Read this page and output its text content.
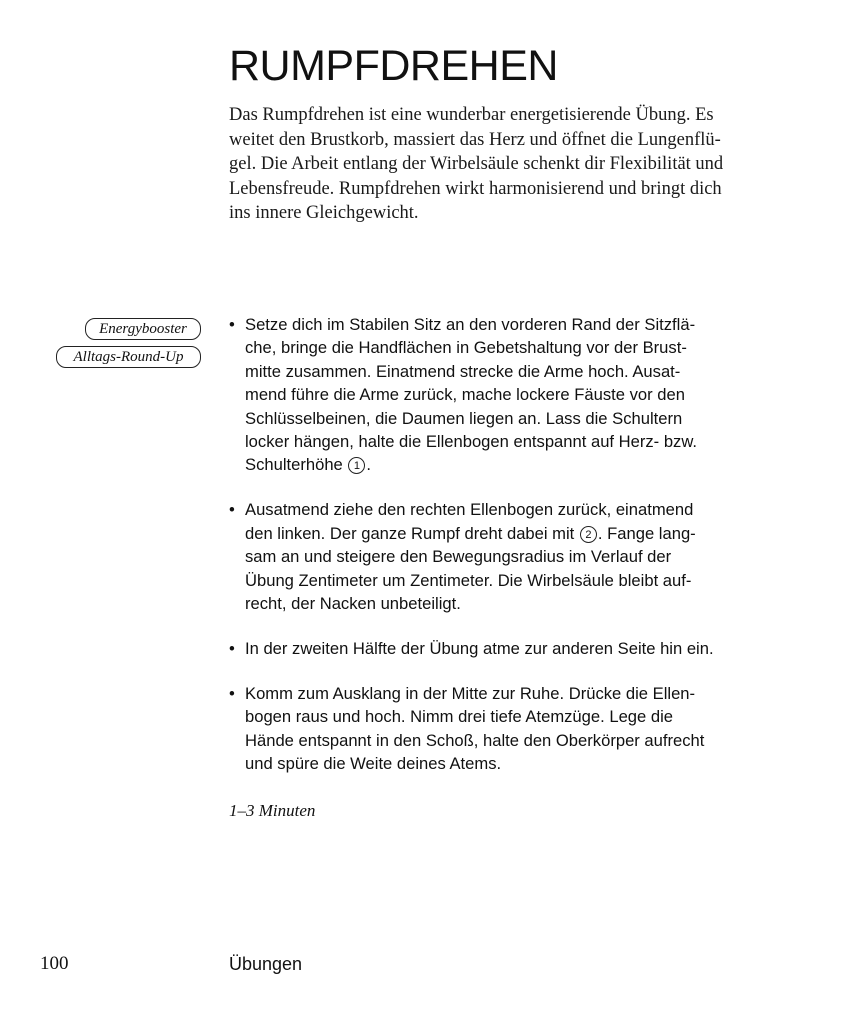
RUMPFDREHEN

Das Rumpfdrehen ist eine wunderbar energetisierende Übung. Es
weitet den Brustkorb, massiert das Herz und öffnet die Lungenflü-
gel. Die Arbeit entlang der Wirbelsäule schenkt dir Flexibilität und
Lebensfreude. Rumpfdrehen wirkt harmonisierend und bringt dich
ins innere Gleichgewicht.

Energybooster
Alltags-Round-Up
• Setze dich im Stabilen Sitz an den vorderen Rand der Sitzflä-
che, bringe die Handflächen in Gebetshaltung vor der Brust-
mitte zusammen. Einatmend strecke die Arme hoch. Ausat-
mend führe die Arme zurück, mache lockere Fäuste vor den
Schlüsselbeinen, die Daumen liegen an. Lass die Schultern
locker hängen, halte die Ellenbogen entspannt auf Herz- bzw.
Schulterhöhe 1 .
• Ausatmend ziehe den rechten Ellenbogen zurück, einatmend
den linken. Der ganze Rumpf dreht dabei mit 2 . Fange lang-
sam an und steigere den Bewegungsradius im Verlauf der
Übung Zentimeter um Zentimeter. Die Wirbelsäule bleibt auf-
recht, der Nacken unbeteiligt.
• In der zweiten Hälfte der Übung atme zur anderen Seite hin ein.
• Komm zum Ausklang in der Mitte zur Ruhe. Drücke die Ellen-
bogen raus und hoch. Nimm drei tiefe Atemzüge. Lege die
Hände entspannt in den Schoß, halte den Oberkörper aufrecht
und spüre die Weite deines Atems.

1–3 Minuten

100	Übungen
